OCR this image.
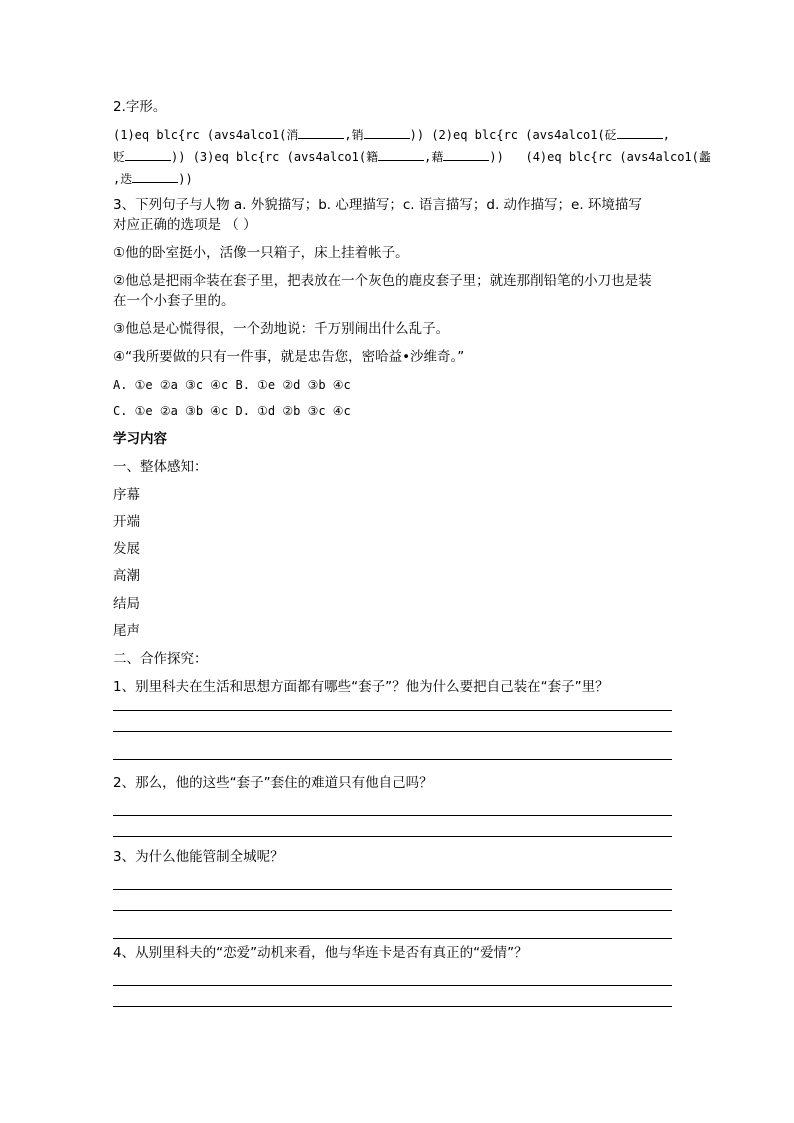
2.字形。
(1)eq blc{rc (avs4alco1(消	,销	)) (2)eq blc{rc (avs4alco1(砭	,
贬	)) (3)eq blc{rc (avs4alco1(籍	,藉	)) (4)eq blc{rc (avs4alco1(蠡
,迭	))
3、下列句子与人物 a. 外貌描写；b. 心理描写；c. 语言描写；d. 动作描写；e. 环境描写
对应正确的选项是 （ ）
①他的卧室挺小，活像一只箱子，床上挂着帐子。
②他总是把雨伞装在套子里，把表放在一个灰色的鹿皮套子里；就连那削铅笔的小刀也是装
在一个小套子里的。
③他总是心慌得很，一个劲地说：千万别闹出什么乱子。
④“我所要做的只有一件事，就是忠告您，密哈益•沙维奇。”
A. ①e ②a ③c ④c B. ①e ②d ③b ④c
C. ①e ②a ③b ④c D. ①d ②b ③c ④c
学习内容
一、整体感知：
序幕
开端
发展
高潮
结局
尾声
二、合作探究：
1、别里科夫在生活和思想方面都有哪些“套子”？他为什么要把自己装在“套子”里？
2、那么，他的这些“套子”套住的难道只有他自己吗？
3、为什么他能管制全城呢？
4、从别里科夫的“恋爱”动机来看，他与华连卡是否有真正的“爱情”？
